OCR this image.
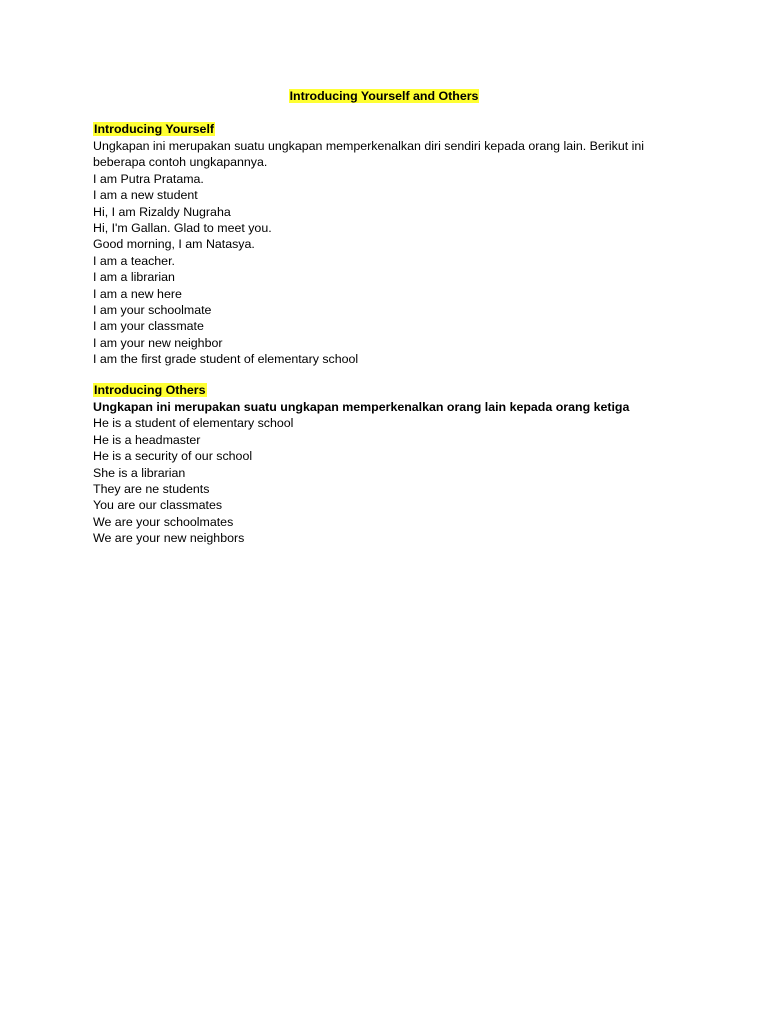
Introducing Yourself and Others
Introducing Yourself
Ungkapan ini merupakan suatu ungkapan memperkenalkan diri sendiri kepada orang lain. Berikut ini
beberapa contoh ungkapannya.
I am Putra Pratama.
I am a new student
Hi, I am Rizaldy Nugraha
Hi, I'm Gallan. Glad to meet you.
Good morning, I am Natasya.
I am a teacher.
I am a librarian
I am a new here
I am your schoolmate
I am your classmate
I am your new neighbor
I am the first grade student of elementary school
Introducing Others
Ungkapan ini merupakan suatu ungkapan memperkenalkan orang lain kepada orang ketiga
He is a student of elementary school
He is a headmaster
He is a security of our school
She is a librarian
They are ne students
You are our classmates
We are your schoolmates
We are your new neighbors
